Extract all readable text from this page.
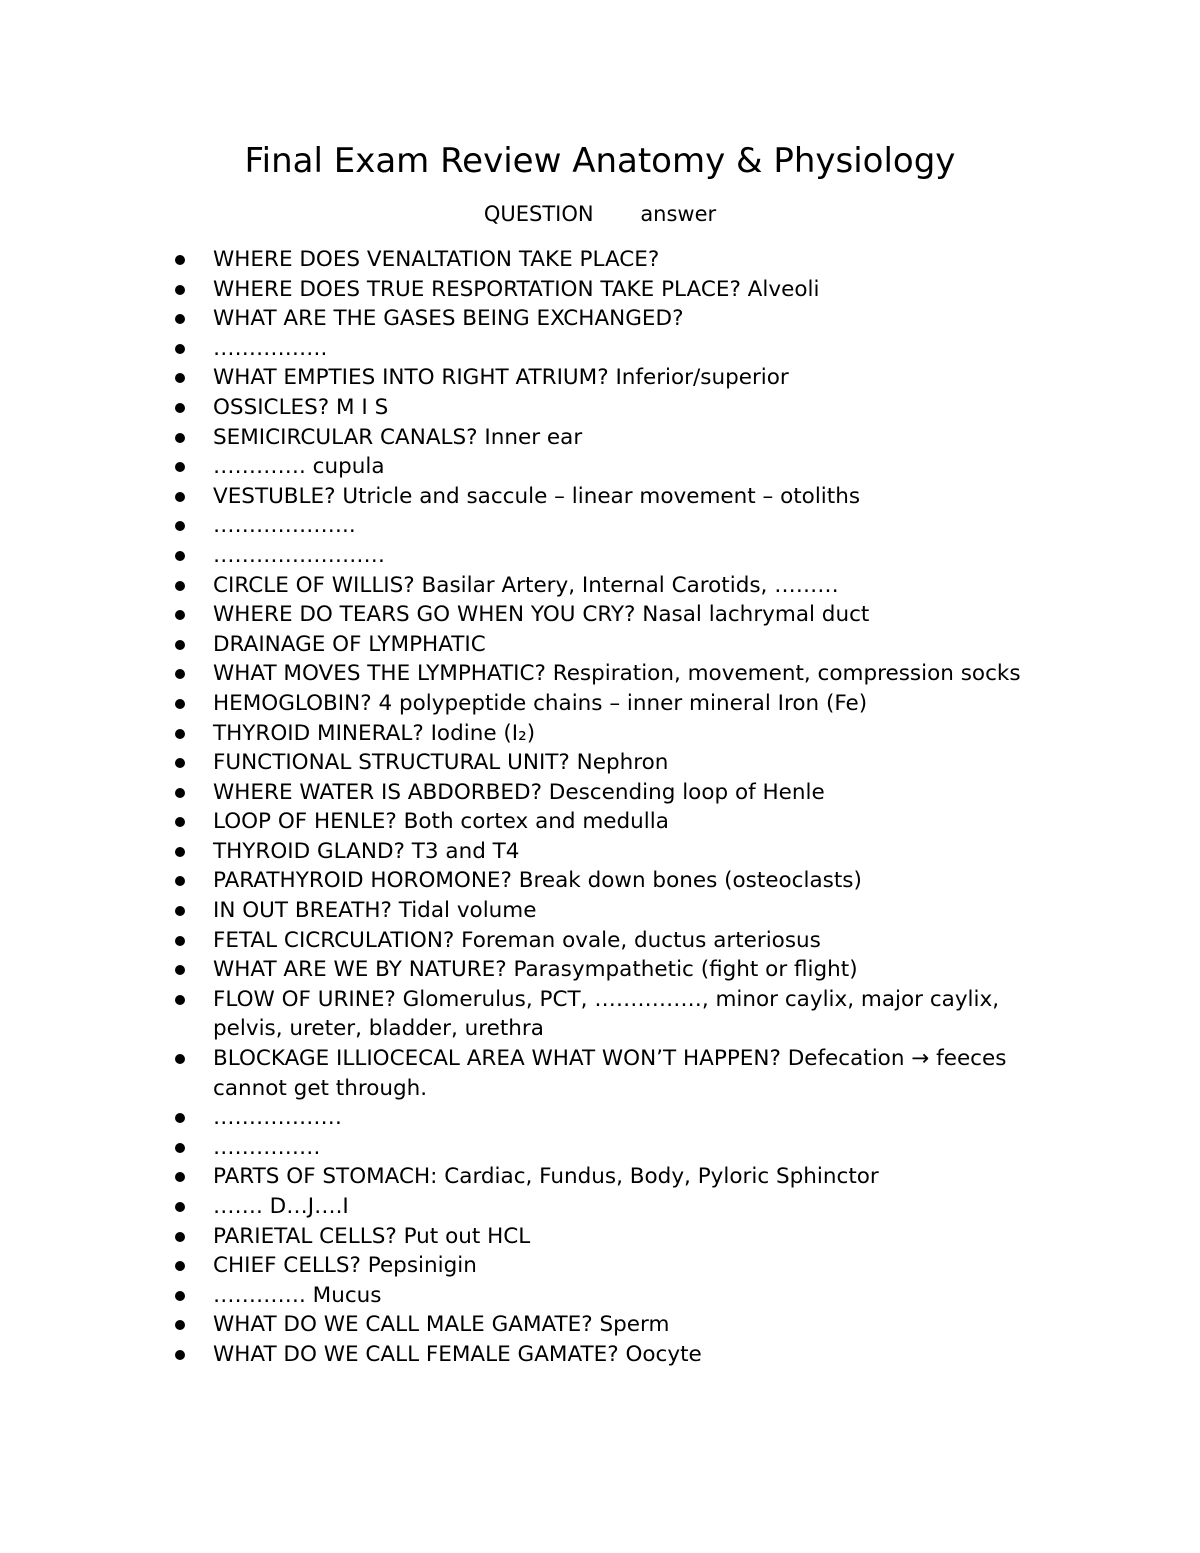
Final Exam Review Anatomy & Physiology
QUESTION       answer
WHERE DOES VENALTATION TAKE PLACE?
WHERE DOES TRUE RESPORTATION TAKE PLACE? Alveoli
WHAT ARE THE GASES BEING EXCHANGED?
…………….
WHAT EMPTIES INTO RIGHT ATRIUM? Inferior/superior
OSSICLES? M I S
SEMICIRCULAR CANALS? Inner ear
…………. cupula
VESTUBLE? Utricle and saccule – linear movement – otoliths
………………..
……………………
CIRCLE OF WILLIS? Basilar Artery, Internal Carotids, ………
WHERE DO TEARS GO WHEN YOU CRY? Nasal lachrymal duct
DRAINAGE OF LYMPHATIC
WHAT MOVES THE LYMPHATIC? Respiration, movement, compression socks
HEMOGLOBIN? 4 polypeptide chains – inner mineral Iron (Fe)
THYROID MINERAL? Iodine (I₂)
FUNCTIONAL STRUCTURAL UNIT? Nephron
WHERE WATER IS ABDORBED? Descending loop of Henle
LOOP OF HENLE? Both cortex and medulla
THYROID GLAND? T3 and T4
PARATHYROID HOROMONE? Break down bones (osteoclasts)
IN OUT BREATH? Tidal volume
FETAL CICRCULATION? Foreman ovale, ductus arteriosus
WHAT ARE WE BY NATURE? Parasympathetic (fight or flight)
FLOW OF URINE? Glomerulus, PCT, ……………, minor caylix, major caylix, pelvis, ureter, bladder, urethra
BLOCKAGE ILLIOCECAL AREA WHAT WON’T HAPPEN? Defecation → feeces cannot get through.
………………
……………
PARTS OF STOMACH: Cardiac, Fundus, Body, Pyloric Sphinctor
……. D…J….I
PARIETAL CELLS? Put out HCL
CHIEF CELLS? Pepsinigin
…………. Mucus
WHAT DO WE CALL MALE GAMATE? Sperm
WHAT DO WE CALL FEMALE GAMATE? Oocyte
